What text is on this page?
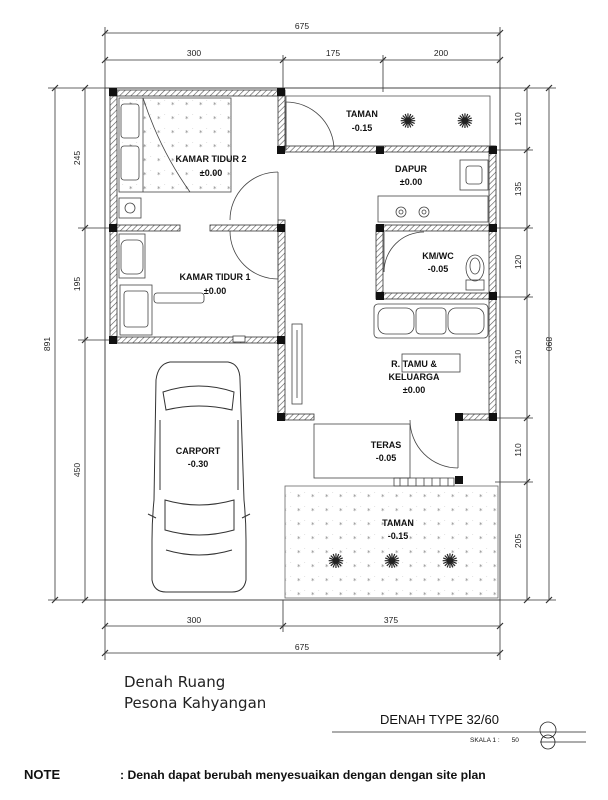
675
300	175	200
300	375
675
891
245
195
450
110
135
120
210
110
205
890
✺ ✺
✺ ✺ ✺
KAMAR TIDUR 2
±0.00
TAMAN
-0.15
DAPUR
±0.00
KAMAR TIDUR 1
±0.00
KM/WC
-0.05
R. TAMU &
KELUARGA
±0.00
CARPORT
-0.30
TERAS
-0.05
TAMAN
-0.15
Denah Ruang
Pesona Kahyangan
DENAH TYPE 32/60
SKALA 1 : 50
NOTE	: Denah dapat berubah menyesuaikan dengan dengan site plan
